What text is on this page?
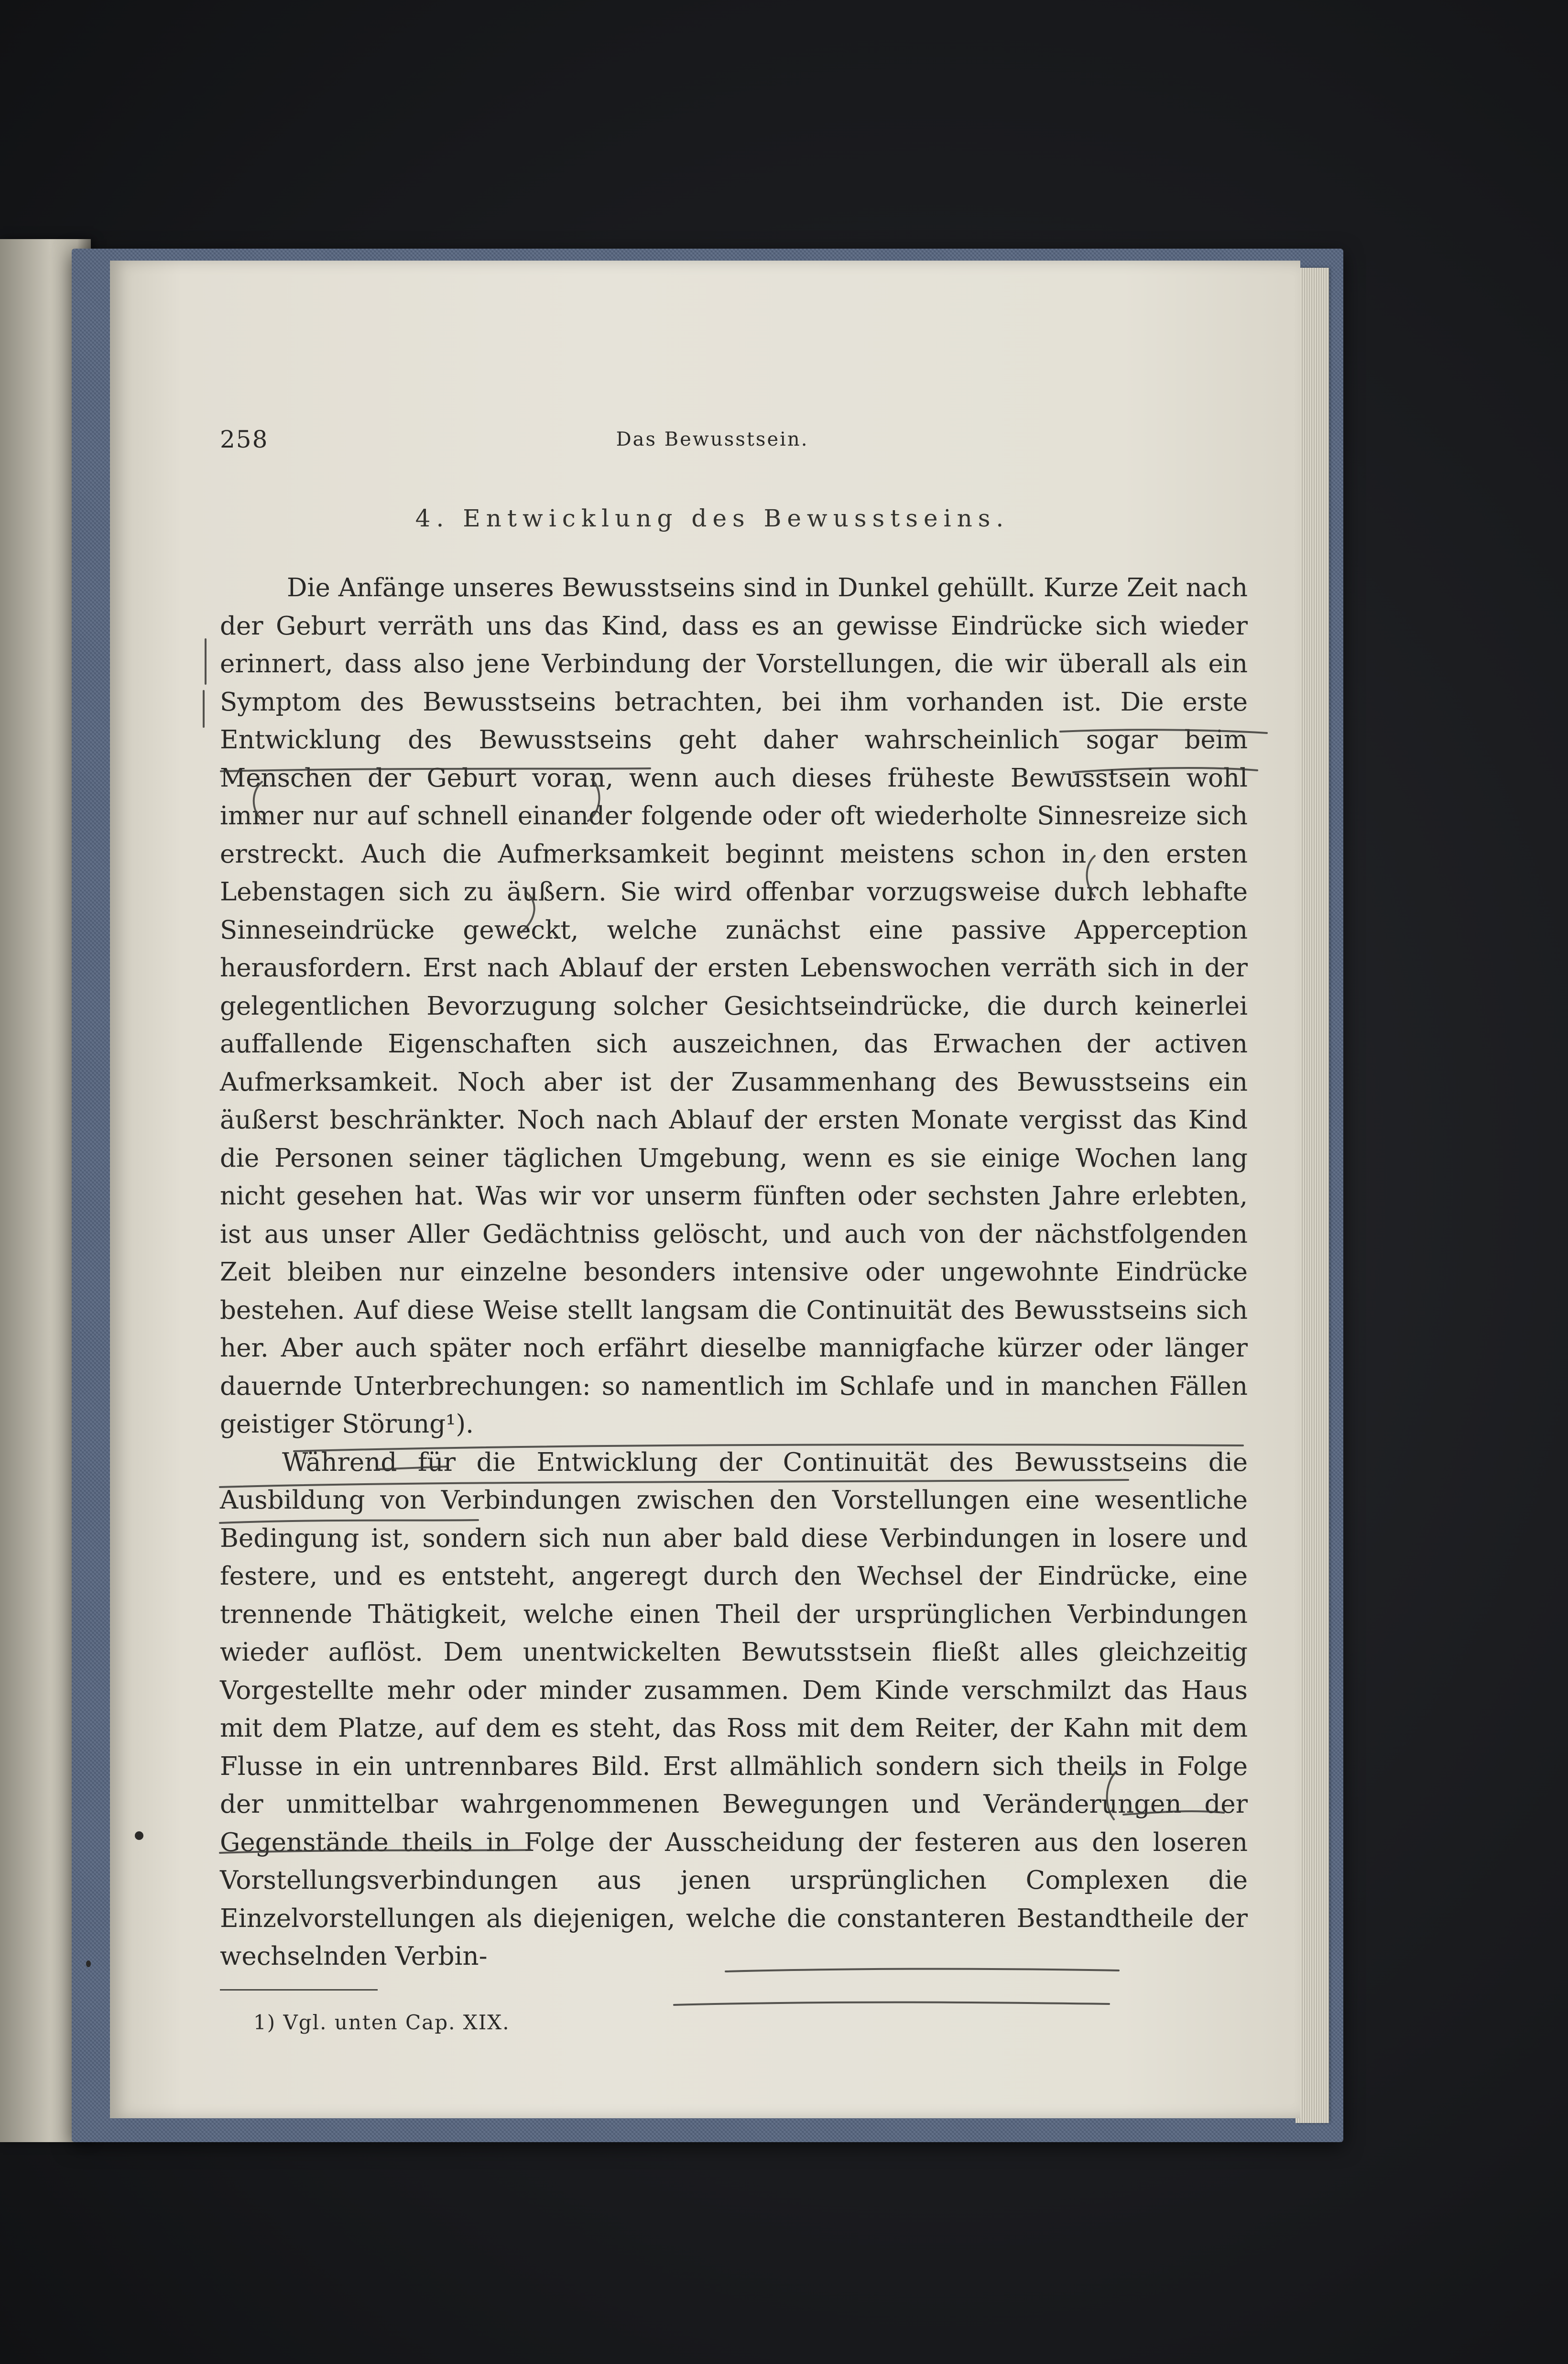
258	Das Bewusstsein.
4. Entwicklung des Bewusstseins.

Die Anfänge unseres Bewusstseins sind in Dunkel gehüllt. Kurze Zeit nach der Geburt verräth uns das Kind, dass es an gewisse Eindrücke sich wieder erinnert, dass also jene Verbindung der Vorstellungen, die wir überall als ein Symptom des Bewusstseins betrachten, bei ihm vorhanden ist. Die erste Entwicklung des Bewusstseins geht daher wahrscheinlich sogar beim Menschen der Geburt voran, wenn auch dieses früheste Bewusstsein wohl immer nur auf schnell einander folgende oder oft wiederholte Sinnesreize sich erstreckt. Auch die Aufmerksamkeit beginnt meistens schon in den ersten Lebenstagen sich zu äußern. Sie wird offenbar vorzugsweise durch lebhafte Sinneseindrücke geweckt, welche zunächst eine passive Apperception herausfordern. Erst nach Ablauf der ersten Lebenswochen verräth sich in der gelegentlichen Bevorzugung solcher Gesichtseindrücke, die durch keinerlei auffallende Eigenschaften sich auszeichnen, das Erwachen der activen Aufmerksamkeit. Noch aber ist der Zusammenhang des Bewusstseins ein äußerst beschränkter. Noch nach Ablauf der ersten Monate vergisst das Kind die Personen seiner täglichen Umgebung, wenn es sie einige Wochen lang nicht gesehen hat. Was wir vor unserm fünften oder sechsten Jahre erlebten, ist aus unser Aller Gedächtniss gelöscht, und auch von der nächstfolgenden Zeit bleiben nur einzelne besonders intensive oder ungewohnte Eindrücke bestehen. Auf diese Weise stellt langsam die Continuität des Bewusstseins sich her. Aber auch später noch erfährt dieselbe mannigfache kürzer oder länger dauernde Unterbrechungen: so namentlich im Schlafe und in manchen Fällen geistiger Störung¹).

Während für die Entwicklung der Continuität des Bewusstseins die Ausbildung von Verbindungen zwischen den Vorstellungen eine wesentliche Bedingung ist, sondern sich nun aber bald diese Verbindungen in losere und festere, und es entsteht, angeregt durch den Wechsel der Eindrücke, eine trennende Thätigkeit, welche einen Theil der ursprünglichen Verbindungen wieder auflöst. Dem unentwickelten Bewutsstsein fließt alles gleichzeitig Vorgestellte mehr oder minder zusammen. Dem Kinde verschmilzt das Haus mit dem Platze, auf dem es steht, das Ross mit dem Reiter, der Kahn mit dem Flusse in ein untrennbares Bild. Erst allmählich sondern sich theils in Folge der unmittelbar wahrgenommenen Bewegungen und Veränderungen der Gegenstände theils in Folge der Ausscheidung der festeren aus den loseren Vorstellungsverbindungen aus jenen ursprünglichen Complexen die Einzelvorstellungen als diejenigen, welche die constanteren Bestandtheile der wechselnden Verbin-

1) Vgl. unten Cap. XIX.
